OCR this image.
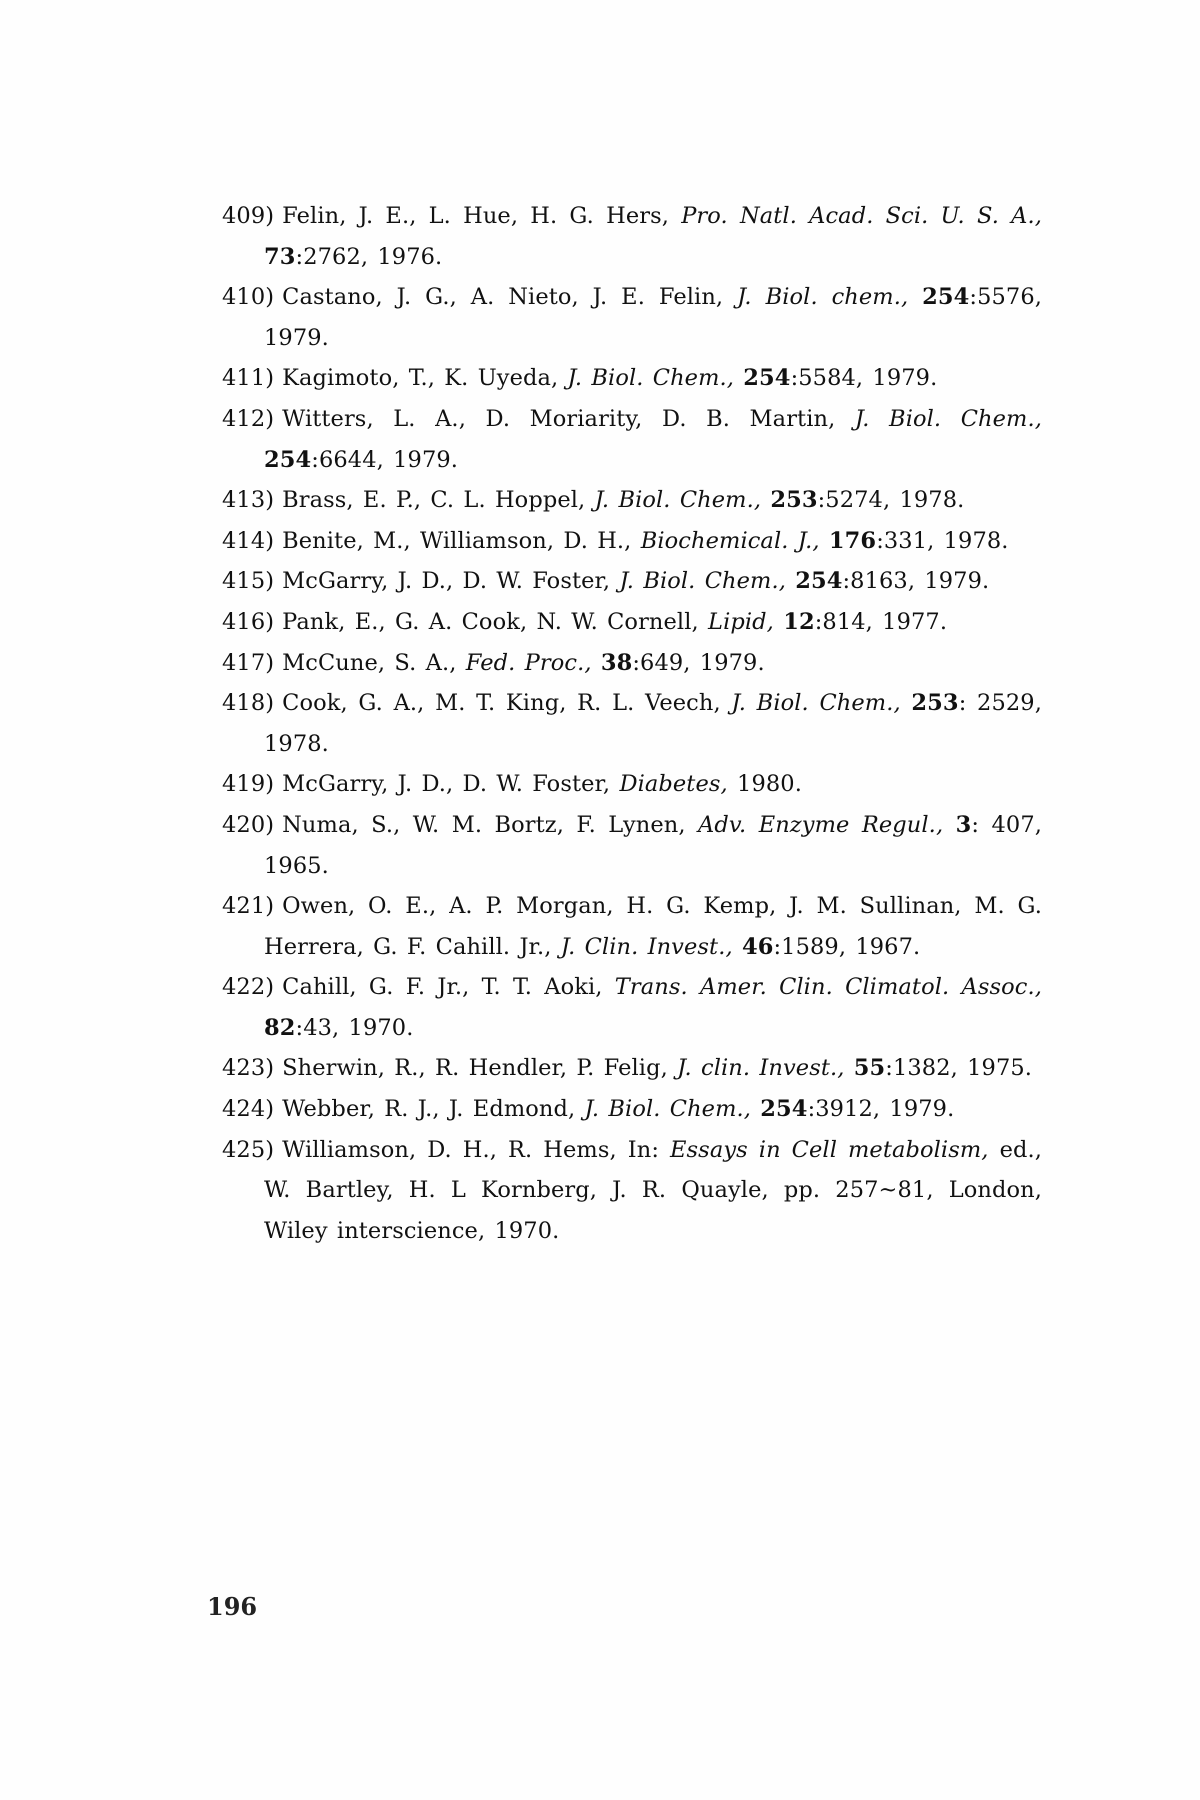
409) Felin, J. E., L. Hue, H. G. Hers, Pro. Natl. Acad. Sci. U. S. A., 73:2762, 1976.
410) Castano, J. G., A. Nieto, J. E. Felin, J. Biol. chem., 254:5576, 1979.
411) Kagimoto, T., K. Uyeda, J. Biol. Chem., 254:5584, 1979.
412) Witters, L. A., D. Moriarity, D. B. Martin, J. Biol. Chem., 254:6644, 1979.
413) Brass, E. P., C. L. Hoppel, J. Biol. Chem., 253:5274, 1978.
414) Benite, M., Williamson, D. H., Biochemical. J., 176:331, 1978.
415) McGarry, J. D., D. W. Foster, J. Biol. Chem., 254:8163, 1979.
416) Pank, E., G. A. Cook, N. W. Cornell, Lipid, 12:814, 1977.
417) McCune, S. A., Fed. Proc., 38:649, 1979.
418) Cook, G. A., M. T. King, R. L. Veech, J. Biol. Chem., 253: 2529, 1978.
419) McGarry, J. D., D. W. Foster, Diabetes, 1980.
420) Numa, S., W. M. Bortz, F. Lynen, Adv. Enzyme Regul., 3: 407, 1965.
421) Owen, O. E., A. P. Morgan, H. G. Kemp, J. M. Sullinan, M. G. Herrera, G. F. Cahill. Jr., J. Clin. Invest., 46:1589, 1967.
422) Cahill, G. F. Jr., T. T. Aoki, Trans. Amer. Clin. Climatol. Assoc., 82:43, 1970.
423) Sherwin, R., R. Hendler, P. Felig, J. clin. Invest., 55:1382, 1975.
424) Webber, R. J., J. Edmond, J. Biol. Chem., 254:3912, 1979.
425) Williamson, D. H., R. Hems, In: Essays in Cell metabolism, ed., W. Bartley, H. L Kornberg, J. R. Quayle, pp. 257~81, London, Wiley interscience, 1970.
196
